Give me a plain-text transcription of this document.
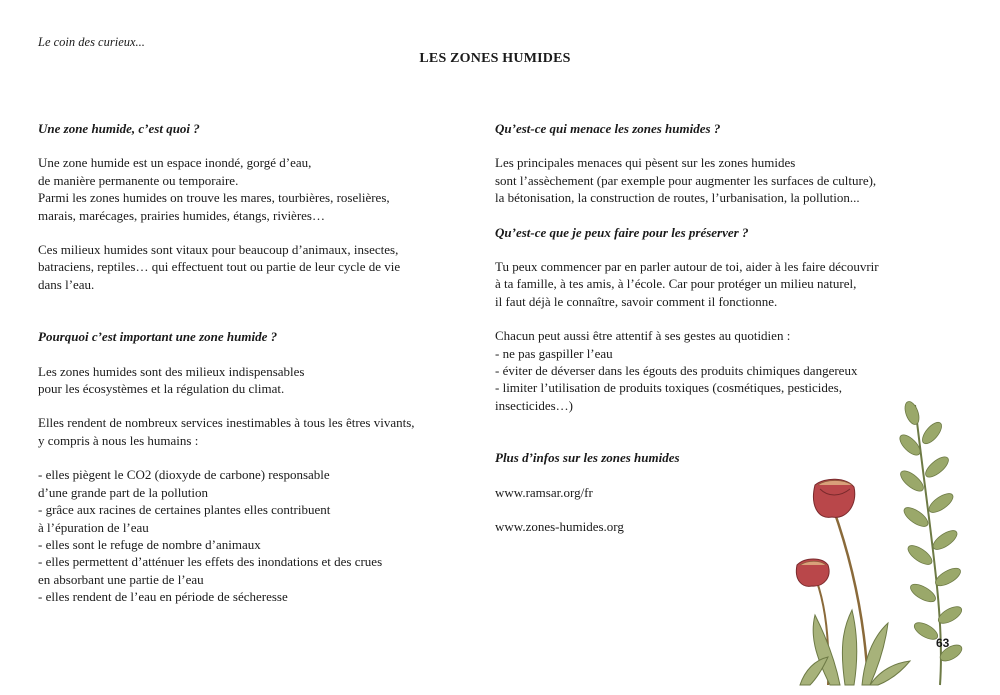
Le coin des curieux...
LES ZONES HUMIDES

Une zone humide, c’est quoi ?

Une zone humide est un espace inondé, gorgé d’eau,
de manière permanente ou temporaire.
Parmi les zones humides on trouve les mares, tourbières, roselières,
marais, marécages, prairies humides, étangs, rivières…
Ces milieux humides sont vitaux pour beaucoup d’animaux, insectes,
batraciens, reptiles… qui effectuent tout ou partie de leur cycle de vie
dans l’eau.

Pourquoi c’est important une zone humide ?

Les zones humides sont des milieux indispensables
pour les écosystèmes et la régulation du climat.
Elles rendent de nombreux services inestimables à tous les êtres vivants,
y compris à nous les humains :
- elles piègent le CO2 (dioxyde de carbone) responsable
d’une grande part de la pollution
- grâce aux racines de certaines plantes elles contribuent
à l’épuration de l’eau
- elles sont le refuge de nombre d’animaux
- elles permettent d’atténuer les effets des inondations et des crues
en absorbant une partie de l’eau
- elles rendent de l’eau en période de sécheresse

Qu’est-ce qui menace les zones humides ?

Les principales menaces qui pèsent sur les zones humides
sont l’assèchement (par exemple pour augmenter les surfaces de culture),
la bétonisation, la construction de routes, l’urbanisation, la pollution...

Qu’est-ce que je peux faire pour les préserver ?

Tu peux commencer par en parler autour de toi, aider à les faire découvrir
à ta famille, à tes amis, à l’école. Car pour protéger un milieu naturel,
il faut déjà le connaître, savoir comment il fonctionne.
Chacun peut aussi être attentif à ses gestes au quotidien :
- ne pas gaspiller l’eau
- éviter de déverser dans les égouts des produits chimiques dangereux
- limiter l’utilisation de produits toxiques (cosmétiques, pesticides,
insecticides…)

Plus d’infos sur les zones humides

www.ramsar.org/fr
www.zones-humides.org
63
